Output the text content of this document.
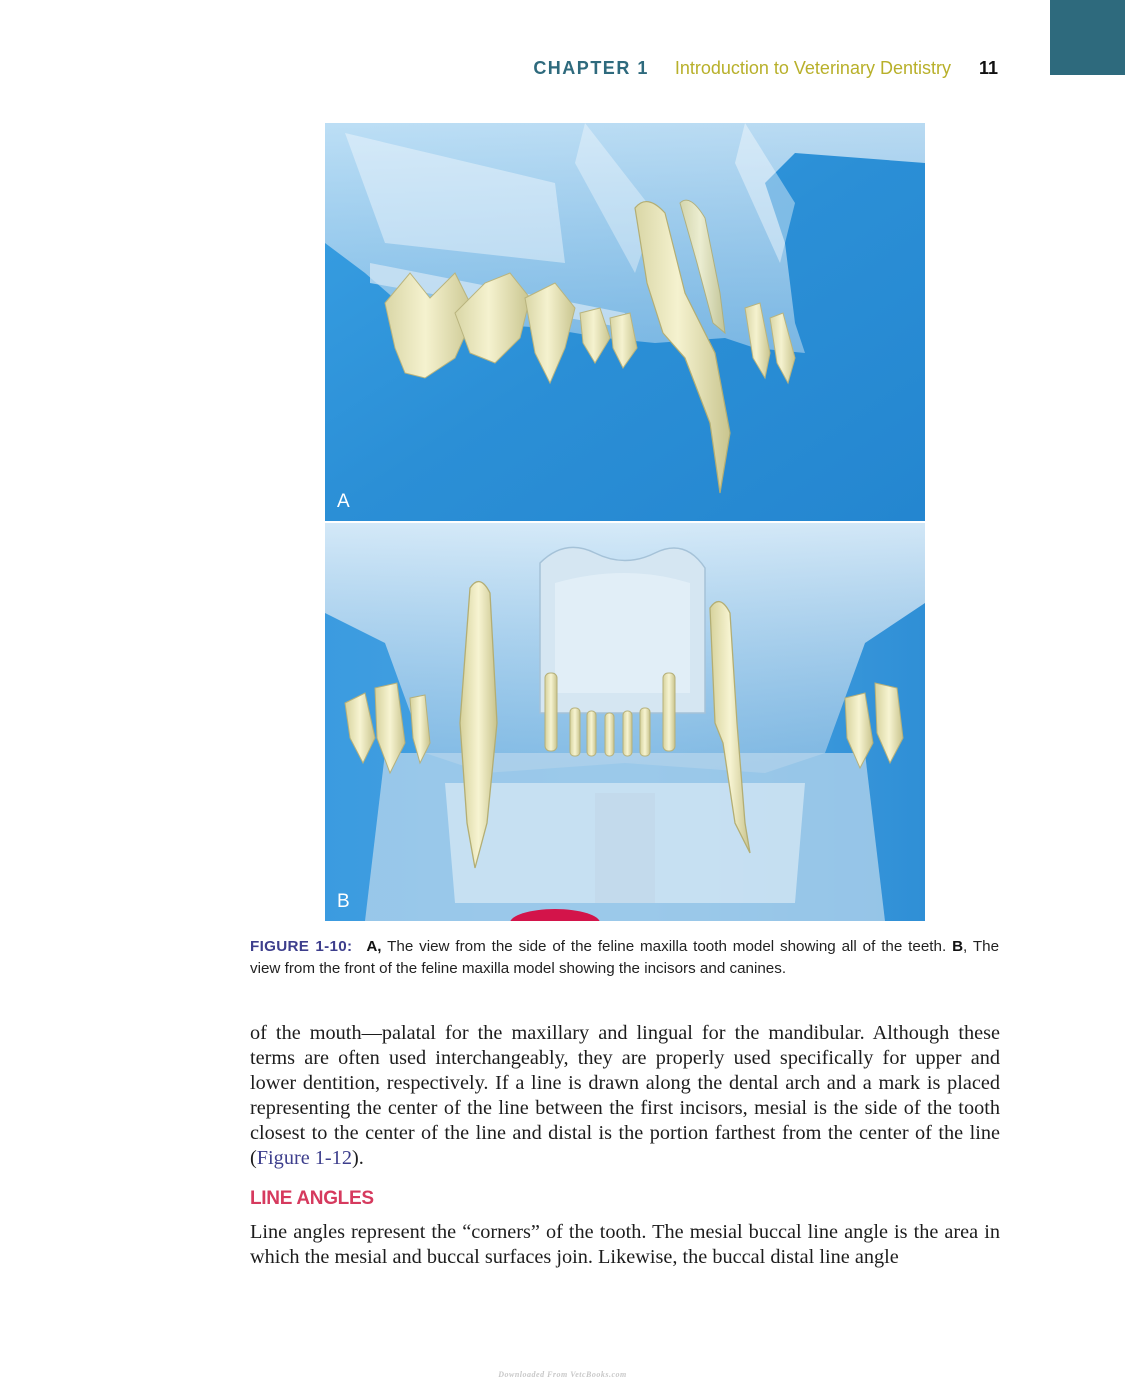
CHAPTER 1 Introduction to Veterinary Dentistry 11
A
B
FIGURE 1-10: A, The view from the side of the feline maxilla tooth model showing all of the teeth. B, The view from the front of the feline maxilla model showing the incisors and canines.

of the mouth—palatal for the maxillary and lingual for the mandibular. Although these terms are often used interchangeably, they are properly used specifically for upper and lower dentition, respectively. If a line is drawn along the dental arch and a mark is placed representing the center of the line between the first incisors, mesial is the side of the tooth closest to the center of the line and distal is the portion farthest from the center of the line (Figure 1-12).

LINE ANGLES

Line angles represent the “corners” of the tooth. The mesial buccal line angle is the area in which the mesial and buccal surfaces join. Likewise, the buccal distal line angle

Downloaded From VetcBooks.com
